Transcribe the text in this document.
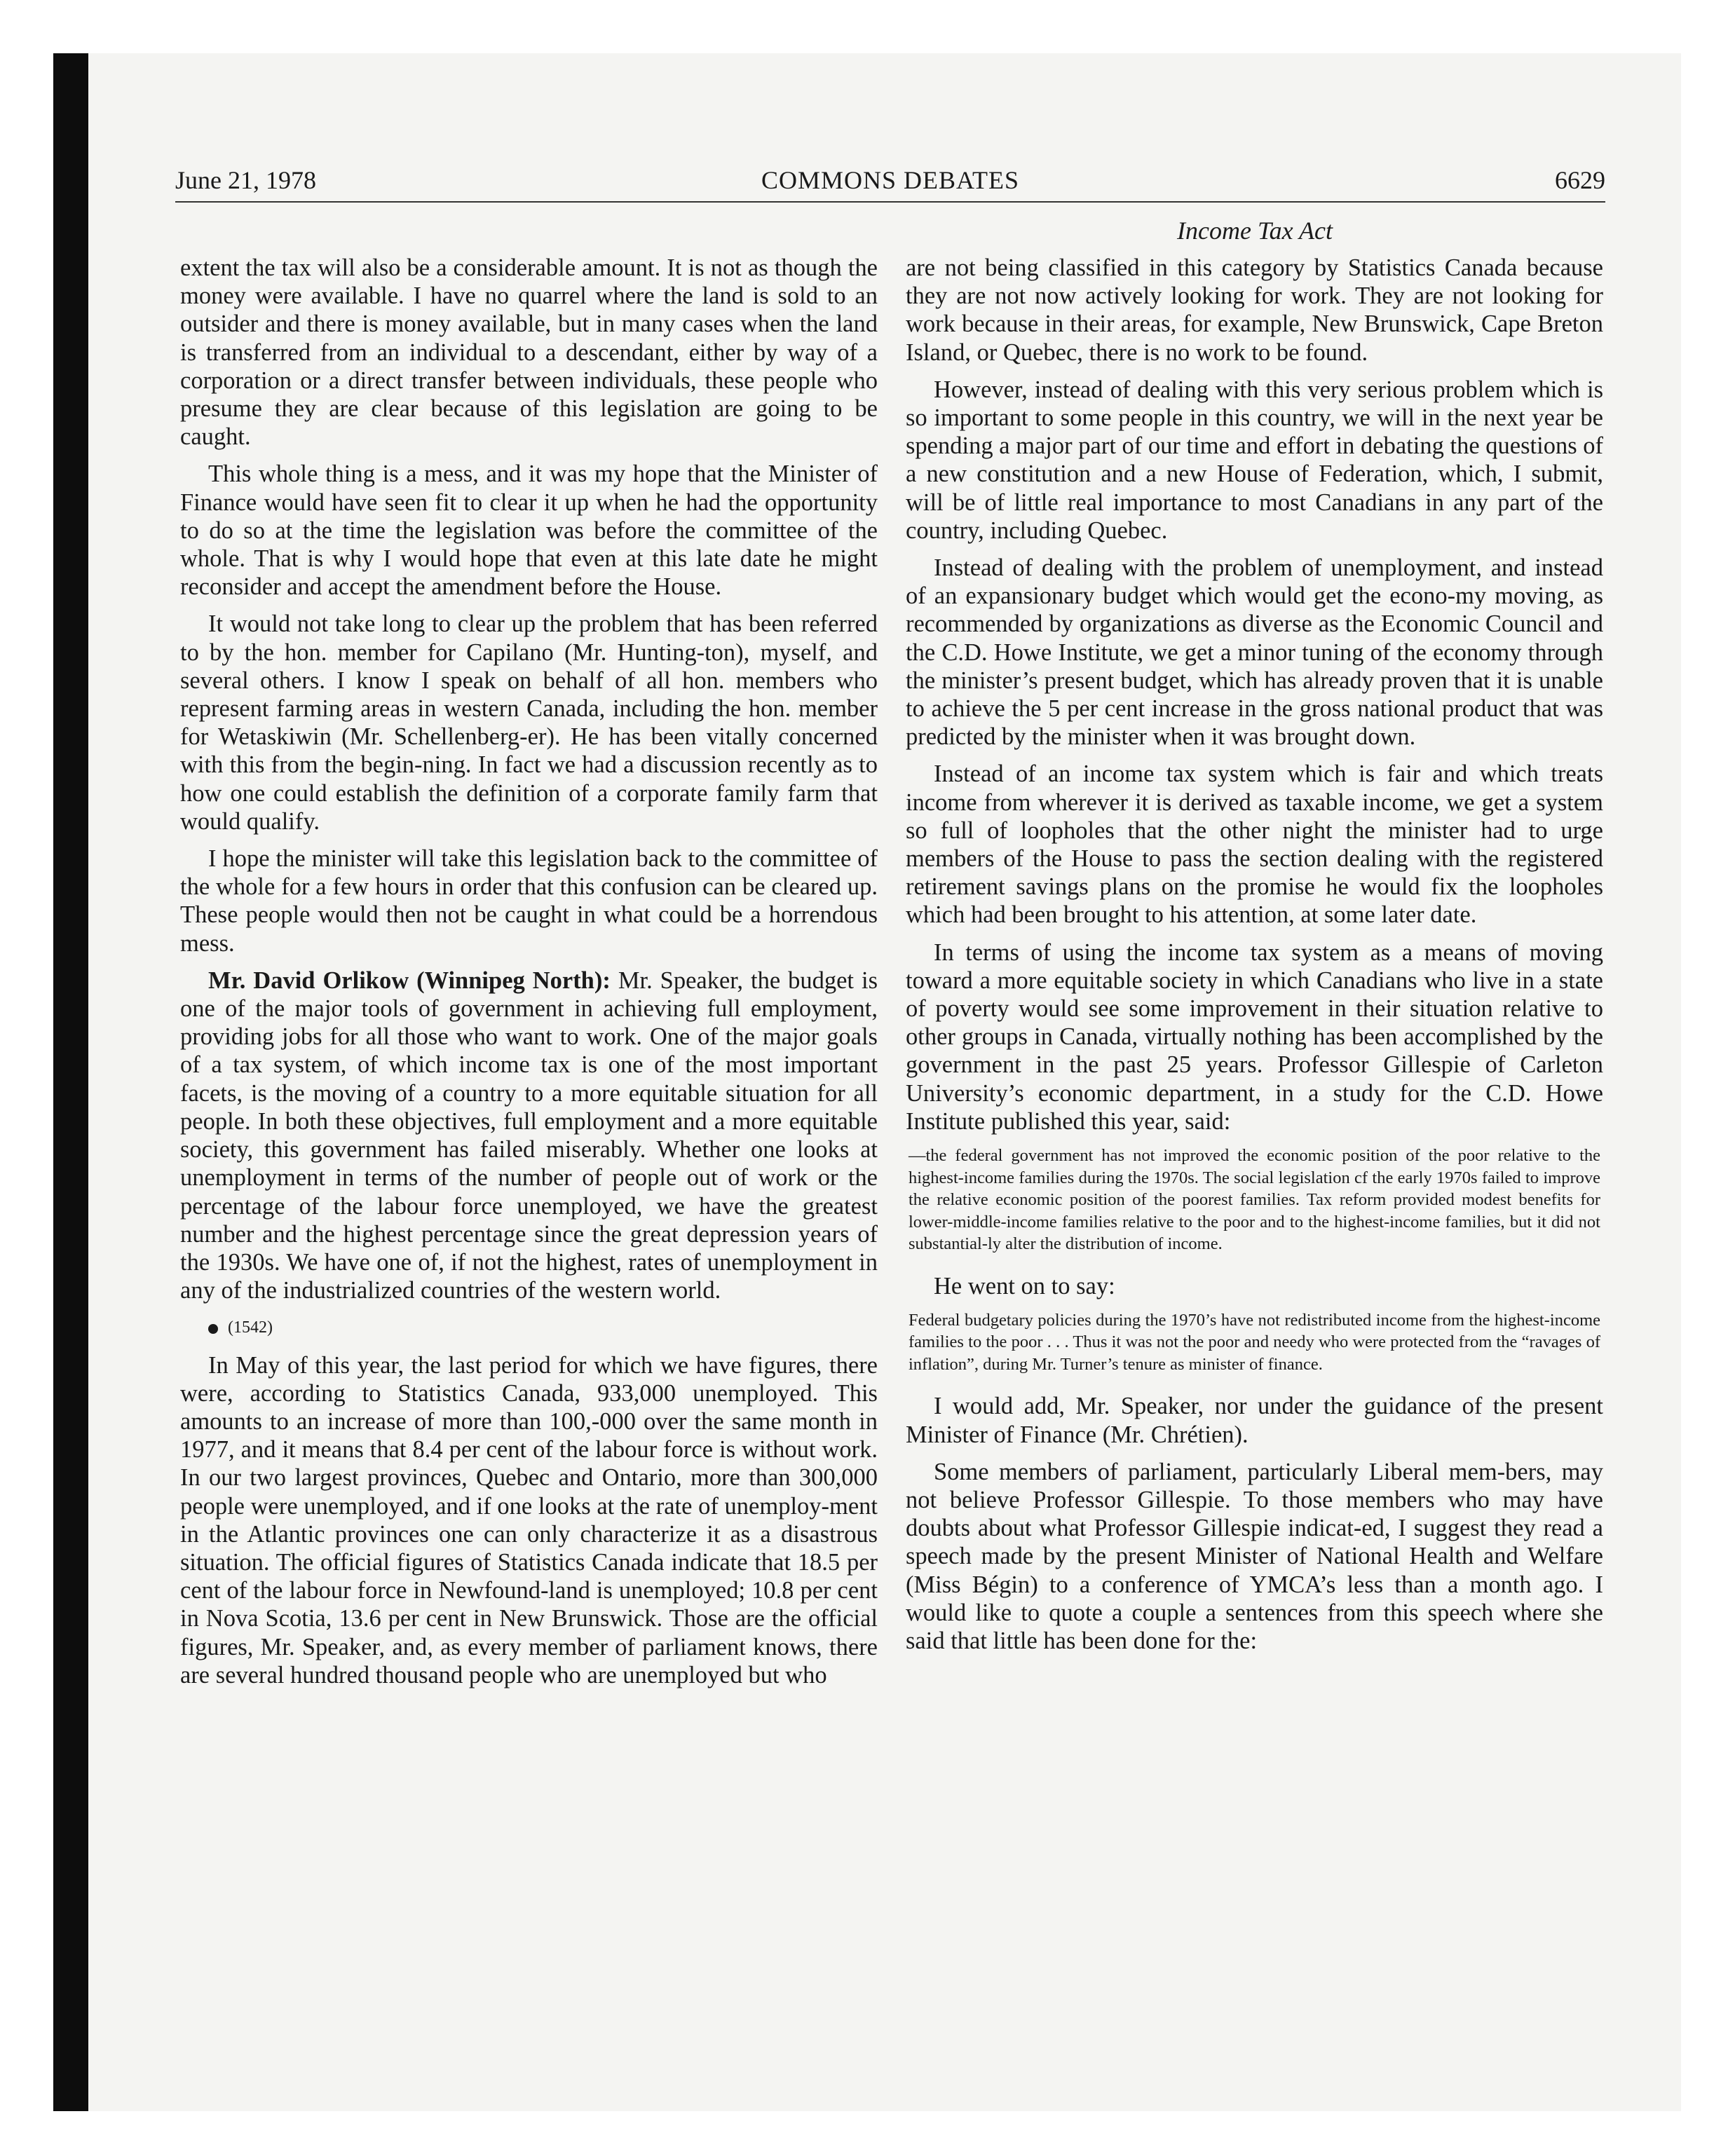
June 21, 1978	COMMONS DEBATES	6629
Income Tax Act

extent the tax will also be a considerable amount. It is not as though the money were available. I have no quarrel where the land is sold to an outsider and there is money available, but in many cases when the land is transferred from an individual to a descendant, either by way of a corporation or a direct transfer between individuals, these people who presume they are clear because of this legislation are going to be caught.

This whole thing is a mess, and it was my hope that the Minister of Finance would have seen fit to clear it up when he had the opportunity to do so at the time the legislation was before the committee of the whole. That is why I would hope that even at this late date he might reconsider and accept the amendment before the House.

It would not take long to clear up the problem that has been referred to by the hon. member for Capilano (Mr. Hunting-ton), myself, and several others. I know I speak on behalf of all hon. members who represent farming areas in western Canada, including the hon. member for Wetaskiwin (Mr. Schellenberg-er). He has been vitally concerned with this from the begin-ning. In fact we had a discussion recently as to how one could establish the definition of a corporate family farm that would qualify.

I hope the minister will take this legislation back to the committee of the whole for a few hours in order that this confusion can be cleared up. These people would then not be caught in what could be a horrendous mess.

Mr. David Orlikow (Winnipeg North): Mr. Speaker, the budget is one of the major tools of government in achieving full employment, providing jobs for all those who want to work. One of the major goals of a tax system, of which income tax is one of the most important facets, is the moving of a country to a more equitable situation for all people. In both these objectives, full employment and a more equitable society, this government has failed miserably. Whether one looks at unemployment in terms of the number of people out of work or the percentage of the labour force unemployed, we have the greatest number and the highest percentage since the great depression years of the 1930s. We have one of, if not the highest, rates of unemployment in any of the industrialized countries of the western world.

(1542)

In May of this year, the last period for which we have figures, there were, according to Statistics Canada, 933,000 unemployed. This amounts to an increase of more than 100,-000 over the same month in 1977, and it means that 8.4 per cent of the labour force is without work. In our two largest provinces, Quebec and Ontario, more than 300,000 people were unemployed, and if one looks at the rate of unemploy-ment in the Atlantic provinces one can only characterize it as a disastrous situation. The official figures of Statistics Canada indicate that 18.5 per cent of the labour force in Newfound-land is unemployed; 10.8 per cent in Nova Scotia, 13.6 per cent in New Brunswick. Those are the official figures, Mr. Speaker, and, as every member of parliament knows, there are several hundred thousand people who are unemployed but who

are not being classified in this category by Statistics Canada because they are not now actively looking for work. They are not looking for work because in their areas, for example, New Brunswick, Cape Breton Island, or Quebec, there is no work to be found.

However, instead of dealing with this very serious problem which is so important to some people in this country, we will in the next year be spending a major part of our time and effort in debating the questions of a new constitution and a new House of Federation, which, I submit, will be of little real importance to most Canadians in any part of the country, including Quebec.

Instead of dealing with the problem of unemployment, and instead of an expansionary budget which would get the econo-my moving, as recommended by organizations as diverse as the Economic Council and the C.D. Howe Institute, we get a minor tuning of the economy through the minister’s present budget, which has already proven that it is unable to achieve the 5 per cent increase in the gross national product that was predicted by the minister when it was brought down.

Instead of an income tax system which is fair and which treats income from wherever it is derived as taxable income, we get a system so full of loopholes that the other night the minister had to urge members of the House to pass the section dealing with the registered retirement savings plans on the promise he would fix the loopholes which had been brought to his attention, at some later date.

In terms of using the income tax system as a means of moving toward a more equitable society in which Canadians who live in a state of poverty would see some improvement in their situation relative to other groups in Canada, virtually nothing has been accomplished by the government in the past 25 years. Professor Gillespie of Carleton University’s economic department, in a study for the C.D. Howe Institute published this year, said:

—the federal government has not improved the economic position of the poor relative to the highest-income families during the 1970s. The social legislation cf the early 1970s failed to improve the relative economic position of the poorest families. Tax reform provided modest benefits for lower-middle-income families relative to the poor and to the highest-income families, but it did not substantial-ly alter the distribution of income.

He went on to say:

Federal budgetary policies during the 1970’s have not redistributed income from the highest-income families to the poor . . . Thus it was not the poor and needy who were protected from the “ravages of inflation”, during Mr. Turner’s tenure as minister of finance.

I would add, Mr. Speaker, nor under the guidance of the present Minister of Finance (Mr. Chrétien).

Some members of parliament, particularly Liberal mem-bers, may not believe Professor Gillespie. To those members who may have doubts about what Professor Gillespie indicat-ed, I suggest they read a speech made by the present Minister of National Health and Welfare (Miss Bégin) to a conference of YMCA’s less than a month ago. I would like to quote a couple a sentences from this speech where she said that little has been done for the:
